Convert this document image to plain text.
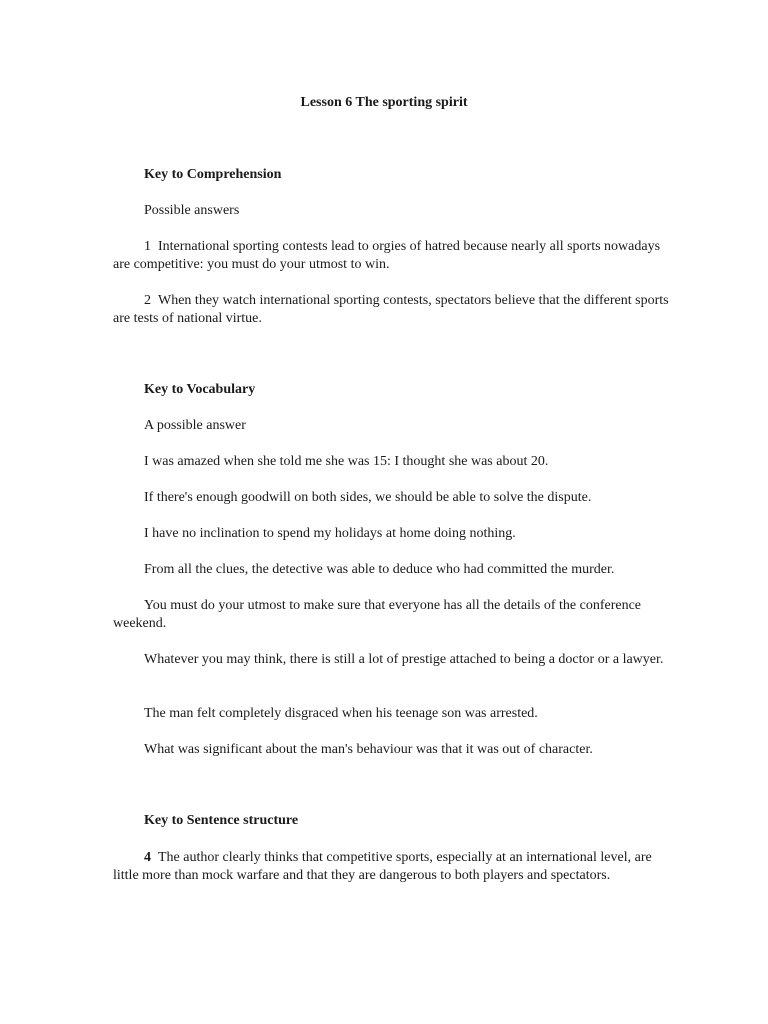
Lesson 6 The sporting spirit
Key to Comprehension
Possible answers
1 International sporting contests lead to orgies of hatred because nearly all sports nowadays are competitive: you must do your utmost to win.
2 When they watch international sporting contests, spectators believe that the different sports are tests of national virtue.
Key to Vocabulary
A possible answer
I was amazed when she told me she was 15: I thought she was about 20.
If there's enough goodwill on both sides, we should be able to solve the dispute.
I have no inclination to spend my holidays at home doing nothing.
From all the clues, the detective was able to deduce who had committed the murder.
You must do your utmost to make sure that everyone has all the details of the conference weekend.
Whatever you may think, there is still a lot of prestige attached to being a doctor or a lawyer.
The man felt completely disgraced when his teenage son was arrested.
What was significant about the man's behaviour was that it was out of character.
Key to Sentence structure
4 The author clearly thinks that competitive sports, especially at an international level, are little more than mock warfare and that they are dangerous to both players and spectators.
